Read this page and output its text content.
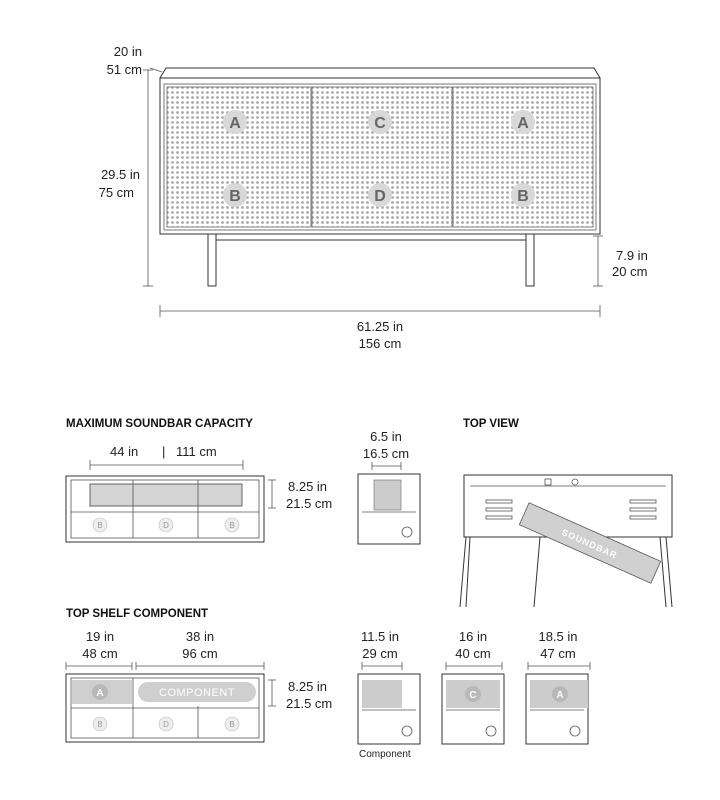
A	C	A
B	D	B
20 in
51 cm
29.5 in
75 cm
7.9 in
20 cm
61.25 in
156 cm
MAXIMUM SOUNDBAR CAPACITY
44 in | 111 cm
B	D	B
8.25 in
21.5 cm
6.5 in
16.5 cm
TOP VIEW
SOUNDBAR
TOP SHELF COMPONENT
19 in
48 cm
38 in
96 cm
A	COMPONENT
B	D	B
8.25 in
21.5 cm
11.5 in
29 cm
Component
16 in
40 cm
C
18.5 in
47 cm
A
